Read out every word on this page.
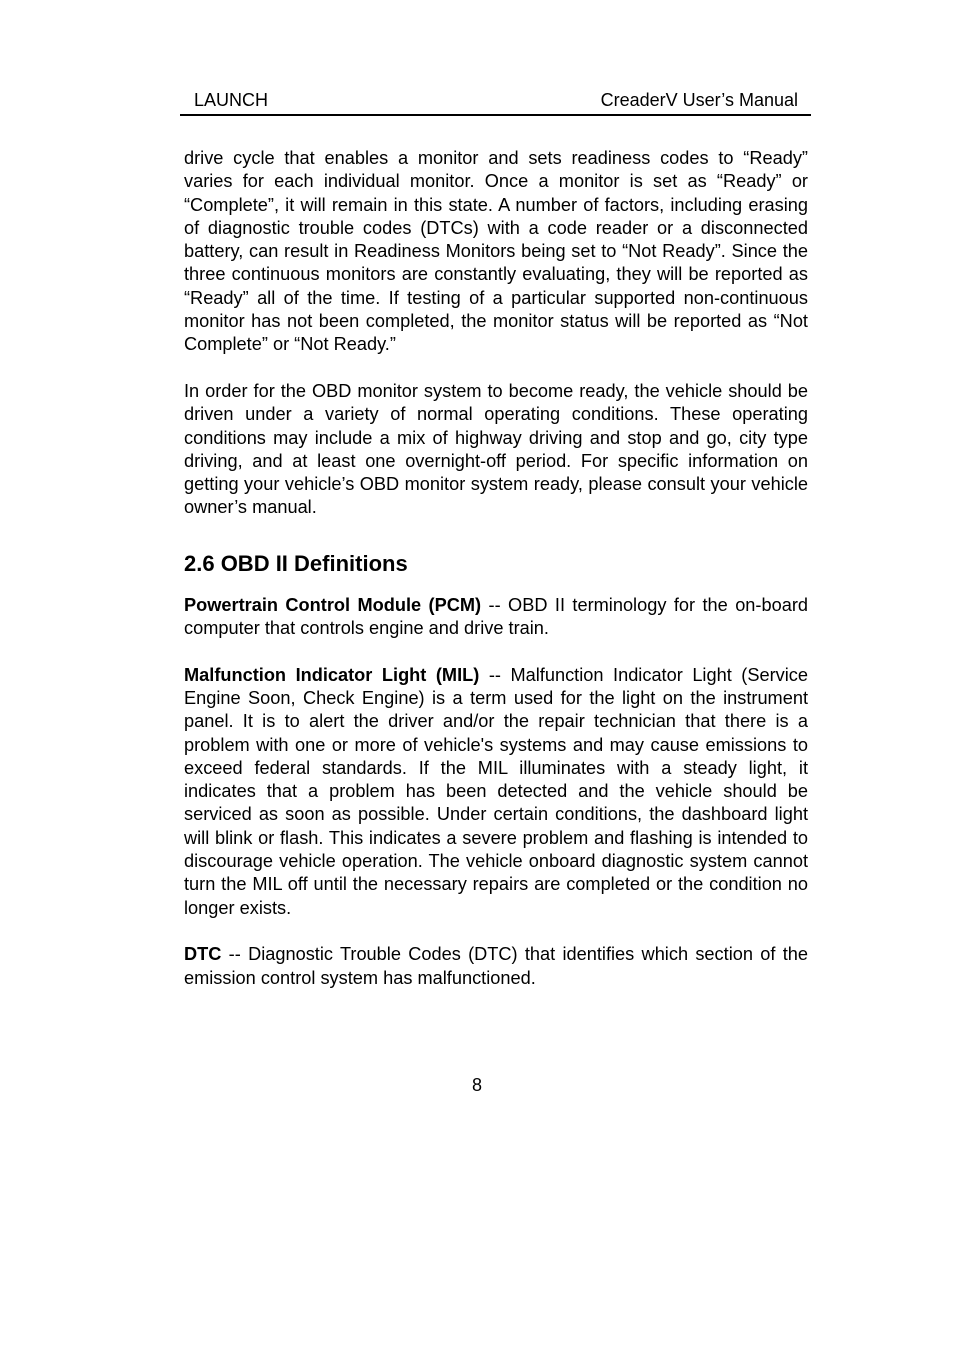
LAUNCH	CreaderV User’s Manual

drive cycle that enables a monitor and sets readiness codes to “Ready” varies for each individual monitor. Once a monitor is set as “Ready” or “Complete”, it will remain in this state. A number of factors, including erasing of diagnostic trouble codes (DTCs) with a code reader or a disconnected battery, can result in Readiness Monitors being set to “Not Ready”. Since the three continuous monitors are constantly evaluating, they will be reported as “Ready” all of the time. If testing of a particular supported non-continuous monitor has not been completed, the monitor status will be reported as “Not Complete” or “Not Ready.”

In order for the OBD monitor system to become ready, the vehicle should be driven under a variety of normal operating conditions. These operating conditions may include a mix of highway driving and stop and go, city type driving, and at least one overnight-off period. For specific information on getting your vehicle’s OBD monitor system ready, please consult your vehicle owner’s manual.

2.6 OBD II Definitions

Powertrain Control Module (PCM) -- OBD II terminology for the on-board computer that controls engine and drive train.

Malfunction Indicator Light (MIL) -- Malfunction Indicator Light (Service Engine Soon, Check Engine) is a term used for the light on the instrument panel. It is to alert the driver and/or the repair technician that there is a problem with one or more of vehicle's systems and may cause emissions to exceed federal standards. If the MIL illuminates with a steady light, it indicates that a problem has been detected and the vehicle should be serviced as soon as possible. Under certain conditions, the dashboard light will blink or flash. This indicates a severe problem and flashing is intended to discourage vehicle operation. The vehicle onboard diagnostic system cannot turn the MIL off until the necessary repairs are completed or the condition no longer exists.

DTC -- Diagnostic Trouble Codes (DTC) that identifies which section of the emission control system has malfunctioned.

8
